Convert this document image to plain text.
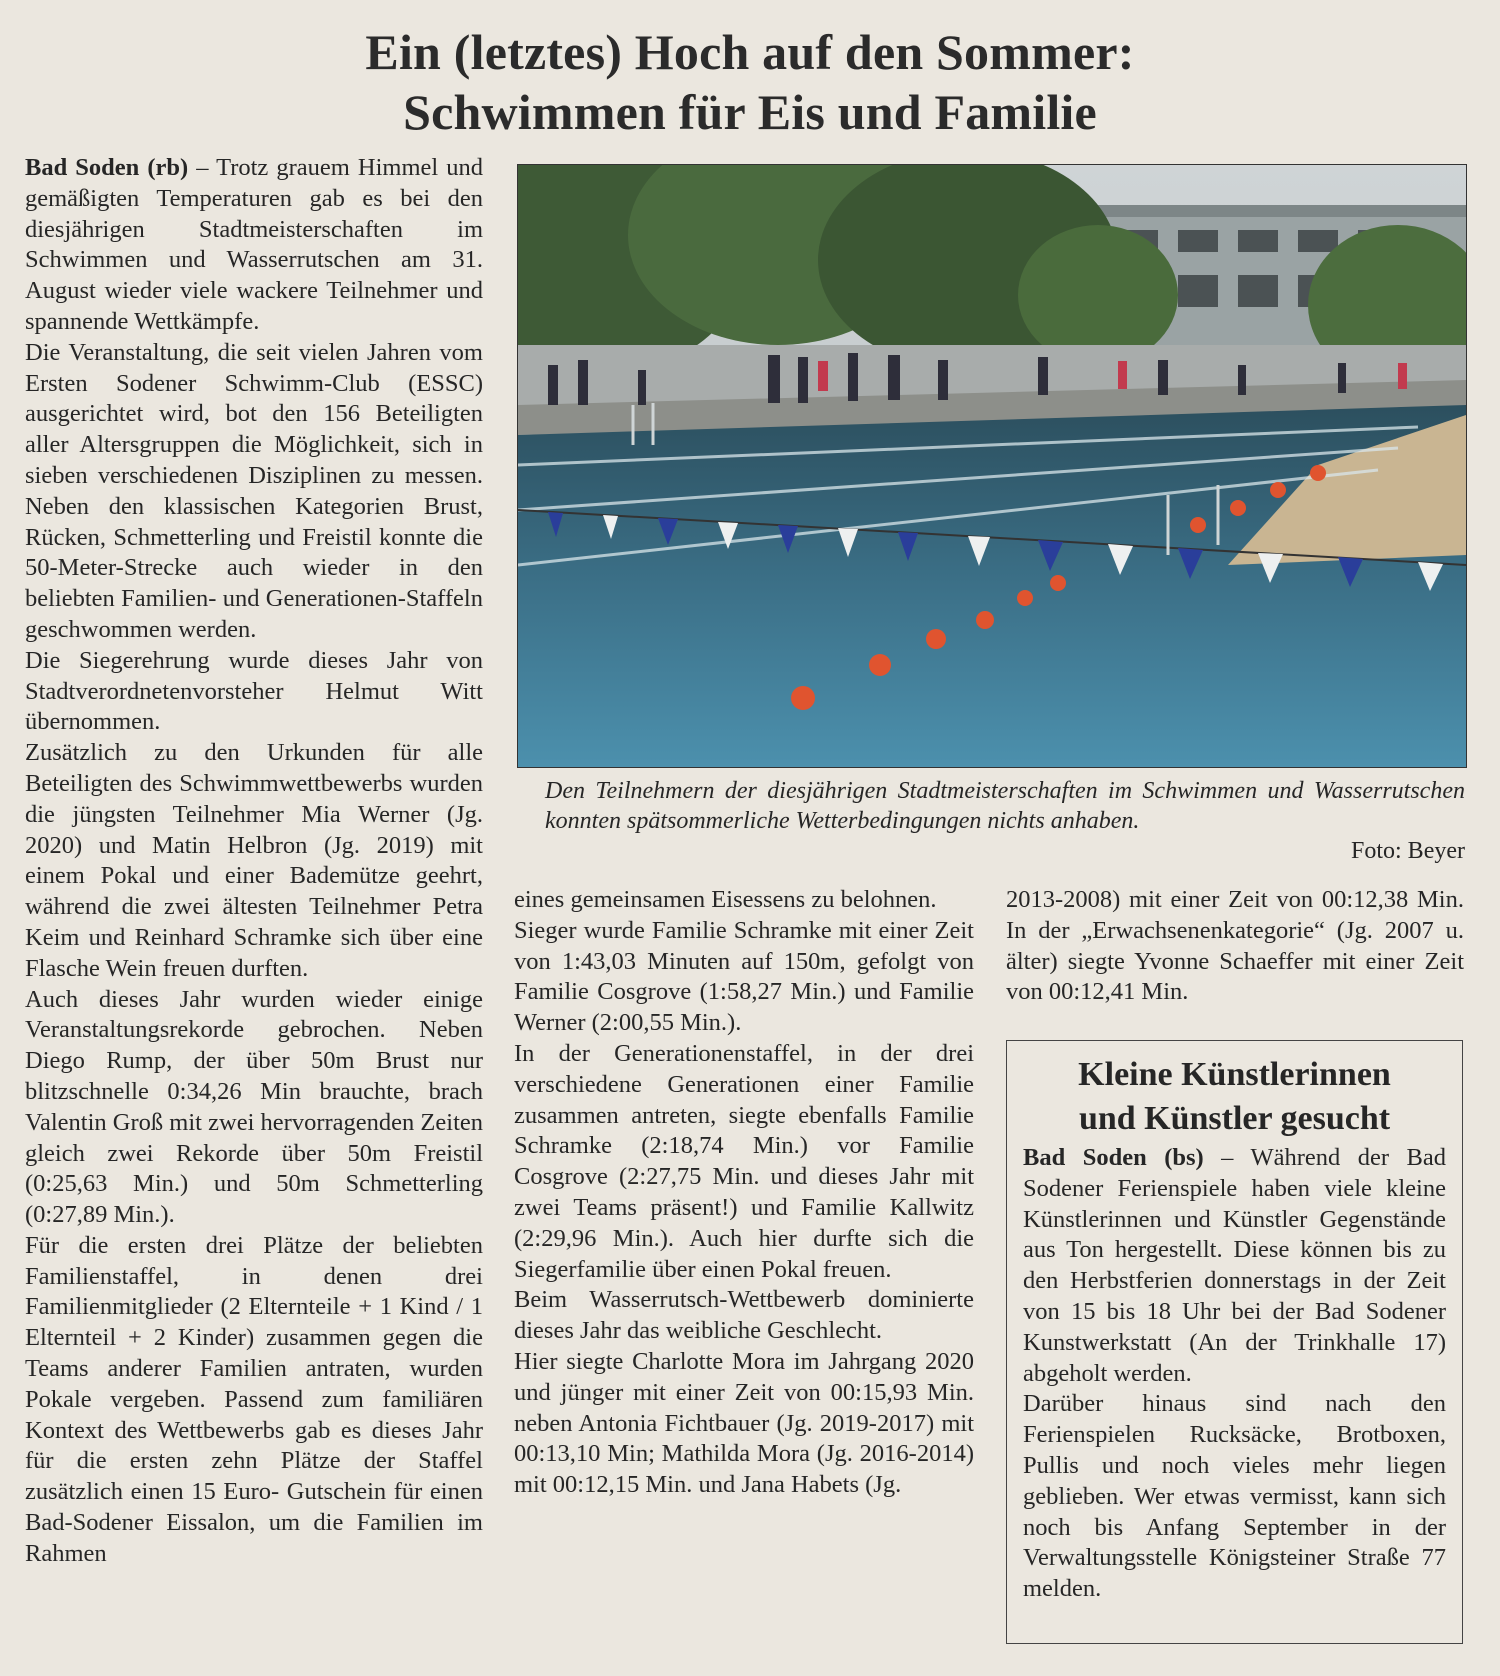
Ein (letztes) Hoch auf den Sommer:
Schwimmen für Eis und Familie

Bad Soden (rb) – Trotz grauem Himmel und gemäßigten Temperaturen gab es bei den diesjährigen Stadtmeisterschaften im Schwimmen und Wasserrutschen am 31. August wieder viele wackere Teilnehmer und spannende Wettkämpfe.

Die Veranstaltung, die seit vielen Jahren vom Ersten Sodener Schwimm-Club (ESSC) ausgerichtet wird, bot den 156 Beteiligten aller Altersgruppen die Möglichkeit, sich in sieben verschiedenen Disziplinen zu messen. Neben den klassischen Kategorien Brust, Rücken, Schmetterling und Freistil konnte die 50-Meter-Strecke auch wieder in den beliebten Familien- und Generationen-Staffeln geschwommen werden.

Die Siegerehrung wurde dieses Jahr von Stadtverordnetenvorsteher Helmut Witt übernommen.

Zusätzlich zu den Urkunden für alle Beteiligten des Schwimmwettbewerbs wurden die jüngsten Teilnehmer Mia Werner (Jg. 2020) und Matin Helbron (Jg. 2019) mit einem Pokal und einer Bademütze geehrt, während die zwei ältesten Teilnehmer Petra Keim und Reinhard Schramke sich über eine Flasche Wein freuen durften.

Auch dieses Jahr wurden wieder einige Veranstaltungsrekorde gebrochen. Neben Diego Rump, der über 50m Brust nur blitzschnelle 0:34,26 Min brauchte, brach Valentin Groß mit zwei hervorragenden Zeiten gleich zwei Rekorde über 50m Freistil (0:25,63 Min.) und 50m Schmetterling (0:27,89 Min.).

Für die ersten drei Plätze der beliebten Familienstaffel, in denen drei Familienmitglieder (2 Elternteile + 1 Kind / 1 Elternteil + 2 Kinder) zusammen gegen die Teams anderer Familien antraten, wurden Pokale vergeben. Passend zum familiären Kontext des Wettbewerbs gab es dieses Jahr für die ersten zehn Plätze der Staffel zusätzlich einen 15 Euro- Gutschein für einen Bad-Sodener Eissalon, um die Familien im Rahmen

Den Teilnehmern der diesjährigen Stadtmeisterschaften im Schwimmen und Wasserrutschen konnten spätsommerliche Wetterbedingungen nichts anhaben.
Foto: Beyer

eines gemeinsamen Eisessens zu belohnen.

Sieger wurde Familie Schramke mit einer Zeit von 1:43,03 Minuten auf 150m, gefolgt von Familie Cosgrove (1:58,27 Min.) und Familie Werner (2:00,55 Min.).

In der Generationenstaffel, in der drei verschiedene Generationen einer Familie zusammen antreten, siegte ebenfalls Familie Schramke (2:18,74 Min.) vor Familie Cosgrove (2:27,75 Min. und dieses Jahr mit zwei Teams präsent!) und Familie Kallwitz (2:29,96 Min.). Auch hier durfte sich die Siegerfamilie über einen Pokal freuen.

Beim Wasserrutsch-Wettbewerb dominierte dieses Jahr das weibliche Geschlecht.

Hier siegte Charlotte Mora im Jahrgang 2020 und jünger mit einer Zeit von 00:15,93 Min. neben Antonia Fichtbauer (Jg. 2019-2017) mit 00:13,10 Min; Mathilda Mora (Jg. 2016-2014) mit 00:12,15 Min. und Jana Habets (Jg.

2013-2008) mit einer Zeit von 00:12,38 Min. In der „Erwachsenenkategorie“ (Jg. 2007 u. älter) siegte Yvonne Schaeffer mit einer Zeit von 00:12,41 Min.

Kleine Künstlerinnen
und Künstler gesucht

Bad Soden (bs) – Während der Bad Sodener Ferienspiele haben viele kleine Künstlerinnen und Künstler Gegenstände aus Ton hergestellt. Diese können bis zu den Herbstferien donnerstags in der Zeit von 15 bis 18 Uhr bei der Bad Sodener Kunstwerkstatt (An der Trinkhalle 17) abgeholt werden.

Darüber hinaus sind nach den Ferienspielen Rucksäcke, Brotboxen, Pullis und noch vieles mehr liegen geblieben. Wer etwas vermisst, kann sich noch bis Anfang September in der Verwaltungsstelle Königsteiner Straße 77 melden.
